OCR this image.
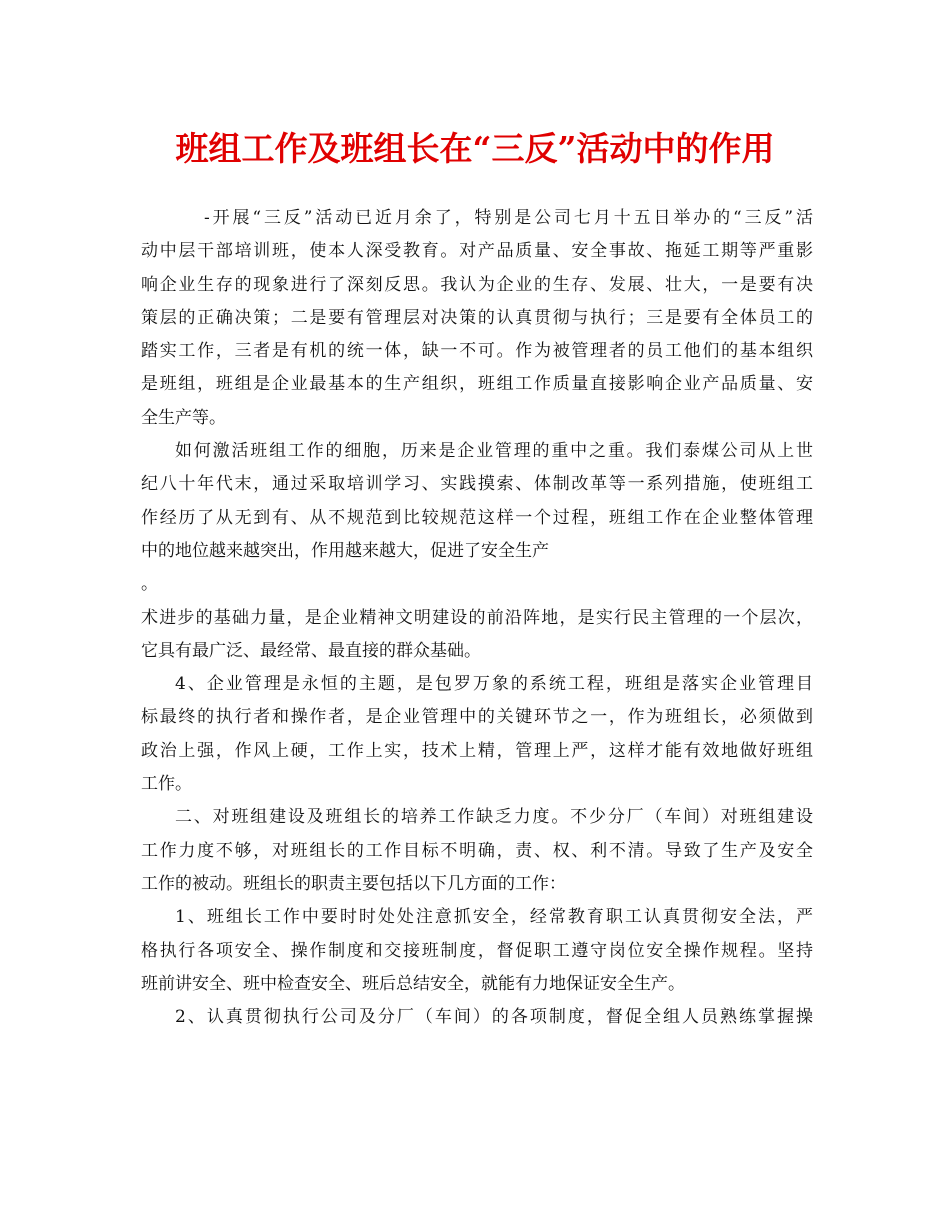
班组工作及班组长在“三反”活动中的作用
-开展“三反”活动已近月余了，特别是公司七月十五日举办的“三反”活
动中层干部培训班，使本人深受教育。对产品质量、安全事故、拖延工期等严重影
响企业生存的现象进行了深刻反思。我认为企业的生存、发展、壮大，一是要有决
策层的正确决策；二是要有管理层对决策的认真贯彻与执行；三是要有全体员工的
踏实工作，三者是有机的统一体，缺一不可。作为被管理者的员工他们的基本组织
是班组，班组是企业最基本的生产组织，班组工作质量直接影响企业产品质量、安
全生产等。
如何激活班组工作的细胞，历来是企业管理的重中之重。我们泰煤公司从上世
纪八十年代末，通过采取培训学习、实践摸索、体制改革等一系列措施，使班组工
作经历了从无到有、从不规范到比较规范这样一个过程，班组工作在企业整体管理
中的地位越来越突出，作用越来越大，促进了安全生产
。
术进步的基础力量，是企业精神文明建设的前沿阵地，是实行民主管理的一个层次，
它具有最广泛、最经常、最直接的群众基础。
4、企业管理是永恒的主题，是包罗万象的系统工程，班组是落实企业管理目
标最终的执行者和操作者，是企业管理中的关键环节之一，作为班组长，必须做到
政治上强，作风上硬，工作上实，技术上精，管理上严，这样才能有效地做好班组
工作。
二、对班组建设及班组长的培养工作缺乏力度。不少分厂（车间）对班组建设
工作力度不够，对班组长的工作目标不明确，责、权、利不清。导致了生产及安全
工作的被动。班组长的职责主要包括以下几方面的工作：
1、班组长工作中要时时处处注意抓安全，经常教育职工认真贯彻安全法，严
格执行各项安全、操作制度和交接班制度，督促职工遵守岗位安全操作规程。坚持
班前讲安全、班中检查安全、班后总结安全，就能有力地保证安全生产。
2、认真贯彻执行公司及分厂（车间）的各项制度，督促全组人员熟练掌握操
